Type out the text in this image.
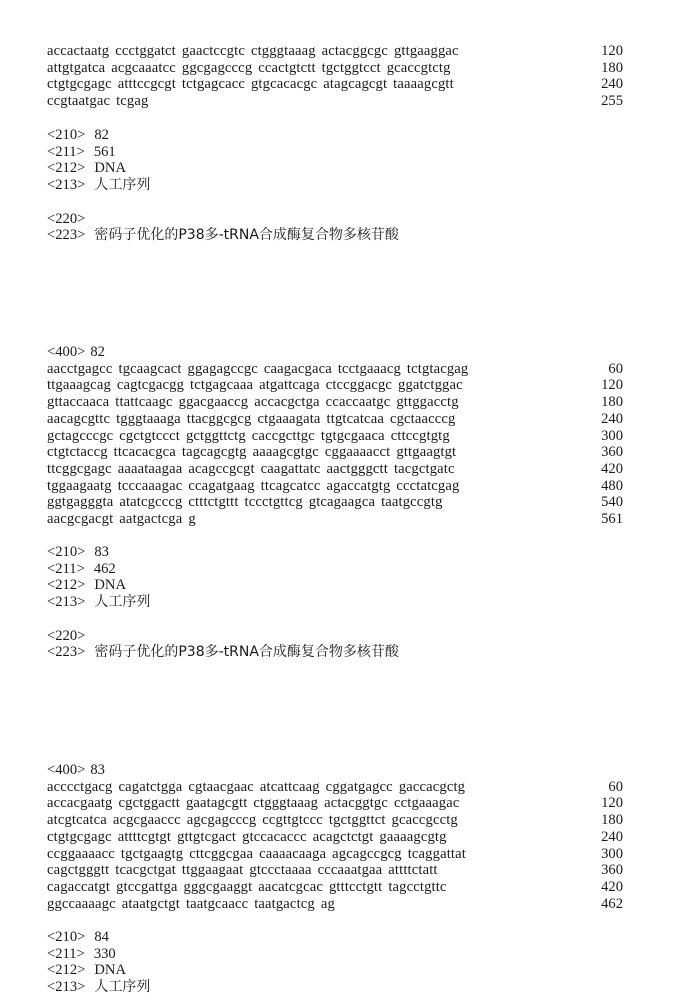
accactaatg ccctggatct gaactccgtc ctgggtaaag actacggcgc gttgaaggac	120
attgtgatca acgcaaatcc ggcgagcccg ccactgtctt tgctggtcct gcaccgtctg	180
ctgtgcgagc atttccgcgt tctgagcacc gtgcacacgc atagcagcgt taaaagcgtt	240
ccgtaatgac tcgag	255
<210> 82
<211> 561
<212> DNA
<213> 人工序列
<220>
<223> 密码子优化的P38多-tRNA合成酶复合物多核苷酸
<400> 82
aacctgagcc tgcaagcact ggagagccgc caagacgaca tcctgaaacg tctgtacgag	60
ttgaaagcag cagtcgacgg tctgagcaaa atgattcaga ctccggacgc ggatctggac	120
gttaccaaca ttattcaagc ggacgaaccg accacgctga ccaccaatgc gttggacctg	180
aacagcgttc tgggtaaaga ttacggcgcg ctgaaagata ttgtcatcaa cgctaacccg	240
gctagcccgc cgctgtccct gctggttctg caccgcttgc tgtgcgaaca cttccgtgtg	300
ctgtctaccg ttcacacgca tagcagcgtg aaaagcgtgc cggaaaacct gttgaagtgt	360
ttcggcgagc aaaataagaa acagccgcgt caagattatc aactgggctt tacgctgatc	420
tggaagaatg tcccaaagac ccagatgaag ttcagcatcc agaccatgtg ccctatcgag	480
ggtgagggta atatcgcccg ctttctgttt tccctgttcg gtcagaagca taatgccgtg	540
aacgcgacgt aatgactcga g	561
<210> 83
<211> 462
<212> DNA
<213> 人工序列
<220>
<223> 密码子优化的P38多-tRNA合成酶复合物多核苷酸
<400> 83
acccctgacg cagatctgga cgtaacgaac atcattcaag cggatgagcc gaccacgctg	60
accacgaatg cgctggactt gaatagcgtt ctgggtaaag actacggtgc cctgaaagac	120
atcgtcatca acgcgaaccc agcgagcccg ccgttgtccc tgctggttct gcaccgcctg	180
ctgtgcgagc attttcgtgt gttgtcgact gtccacaccc acagctctgt gaaaagcgtg	240
ccggaaaacc tgctgaagtg cttcggcgaa caaaacaaga agcagccgcg tcaggattat	300
cagctgggtt tcacgctgat ttggaagaat gtccctaaaa cccaaatgaa attttctatt	360
cagaccatgt gtccgattga gggcgaaggt aacatcgcac gtttcctgtt tagcctgttc	420
ggccaaaagc ataatgctgt taatgcaacc taatgactcg ag	462
<210> 84
<211> 330
<212> DNA
<213> 人工序列
